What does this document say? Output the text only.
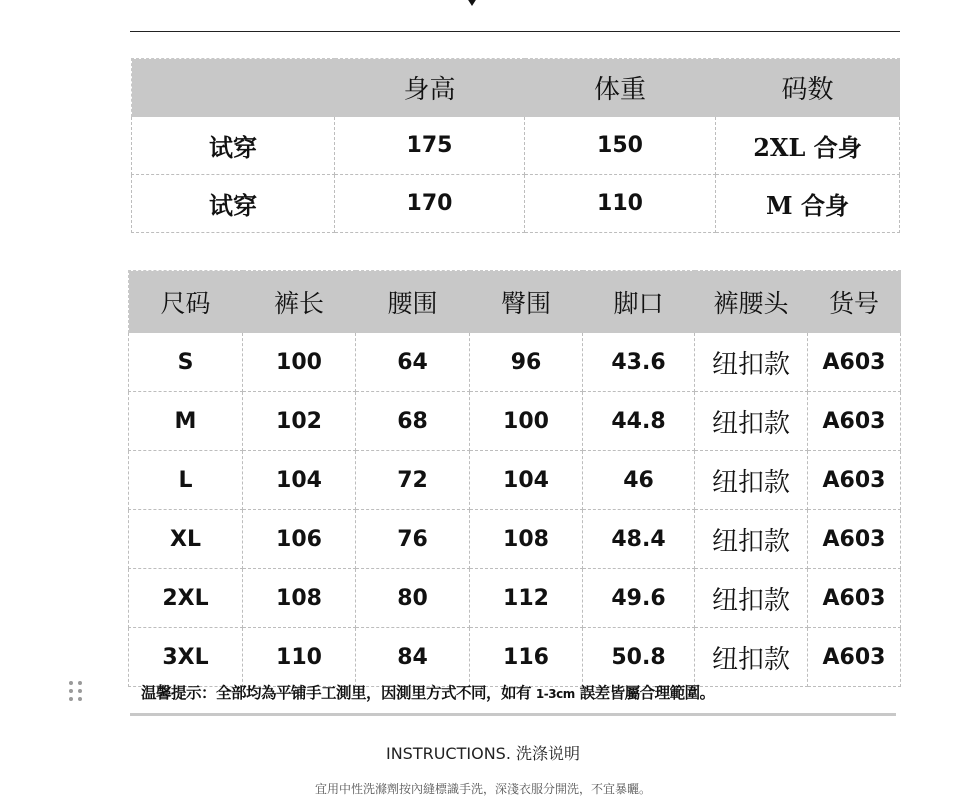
	身高	体重	码数
试穿	175	150	2XL 合身
试穿	170	110	M 合身
尺码	裤长	腰围	臀围	脚口	裤腰头	货号
S	100	64	96	43.6	纽扣款	A603
M	102	68	100	44.8	纽扣款	A603
L	104	72	104	46	纽扣款	A603
XL	106	76	108	48.4	纽扣款	A603
2XL	108	80	112	49.6	纽扣款	A603
3XL	110	84	116	50.8	纽扣款	A603
温馨提示：全部均為平铺手工測里，因測里方式不同，如有 1-3cm 誤差皆屬合理範圍。
INSTRUCTIONS. 洗涤说明
宜用中性洗滌劑按內縫標識手洗，深淺衣服分開洗，不宜暴曬。
